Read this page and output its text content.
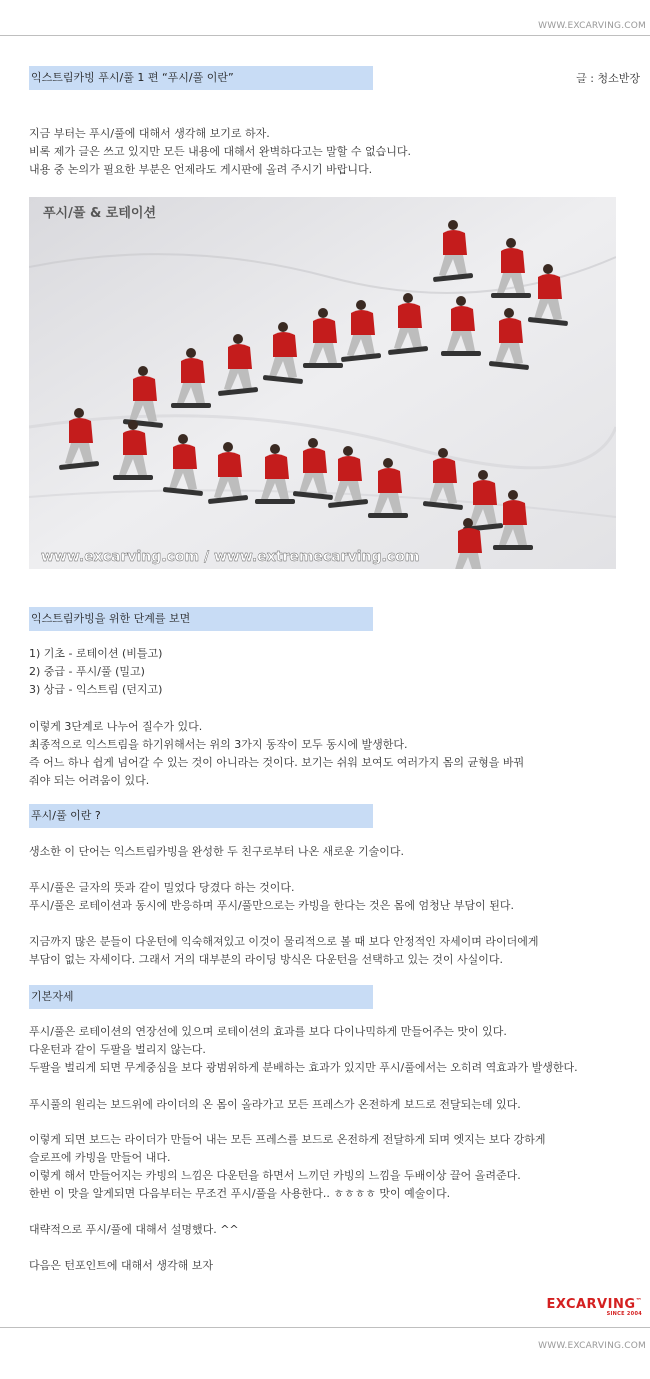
WWW.EXCARVING.COM
익스트림카빙 푸시/풀 1 편 “푸시/풀 이란”	글 : 청소반장
지금 부터는 푸시/풀에 대해서 생각해 보기로 하자.
비록 제가 글은 쓰고 있지만 모든 내용에 대해서 완벽하다고는 말할 수 없습니다.
내용 중 논의가 필요한 부분은 언제라도 게시판에 올려 주시기 바랍니다.
푸시/풀 & 로테이션
www.excarving.com / www.extremecarving.com
익스트림카빙을 위한 단계를 보면
1) 기초 - 로테이션 (비틀고)
2) 중급 - 푸시/풀 (밀고)
3) 상급 - 익스트림 (던지고)
이렇게 3단계로 나누어 질수가 있다.
최종적으로 익스트림을 하기위해서는 위의 3가지 동작이 모두 동시에 발생한다.
즉 어느 하나 쉽게 넘어갈 수 있는 것이 아니라는 것이다. 보기는 쉬워 보여도 여러가지 몸의 균형을 바꿔
줘야 되는 어려움이 있다.
푸시/풀 이란 ?
생소한 이 단어는 익스트림카빙을 완성한 두 친구로부터 나온 새로운 기술이다.
푸시/풀은 글자의 뜻과 같이 밀었다 당겼다 하는 것이다.
푸시/풀은 로테이션과 동시에 반응하며 푸시/풀만으로는 카빙을 한다는 것은 몸에 엄청난 부담이 된다.
지금까지 많은 분들이 다운턴에 익숙해져있고 이것이 물리적으로 볼 때 보다 안정적인 자세이며 라이더에게
부담이 없는 자세이다. 그래서 거의 대부분의 라이딩 방식은 다운턴을 선택하고 있는 것이 사실이다.
기본자세
푸시/풀은 로테이션의 연장선에 있으며 로테이션의 효과를 보다 다이나믹하게 만들어주는 맛이 있다.
다운턴과 같이 두팔을 벌리지 않는다.
두팔을 벌리게 되면 무게중심을 보다 광범위하게 분배하는 효과가 있지만 푸시/풀에서는 오히려 역효과가 발생한다.
푸시풀의 원리는 보드위에 라이더의 온 몸이 올라가고 모든 프레스가 온전하게 보드로 전달되는데 있다.
이렇게 되면 보드는 라이더가 만들어 내는 모든 프레스를 보드로 온전하게 전달하게 되며 엣지는 보다 강하게
슬로프에 카빙을 만들어 내다.
이렇게 해서 만들어지는 카빙의 느낌은 다운턴을 하면서 느끼던 카빙의 느낌을 두배이상 끌어 올려준다.
한번 이 맛을 알게되면 다음부터는 무조건 푸시/풀을 사용한다.. ㅎㅎㅎㅎ 맛이 예술이다.
대략적으로 푸시/풀에 대해서 설명했다. ^^
다음은 턴포인트에 대해서 생각해 보자
EXCARVING™
SINCE 2004
WWW.EXCARVING.COM
